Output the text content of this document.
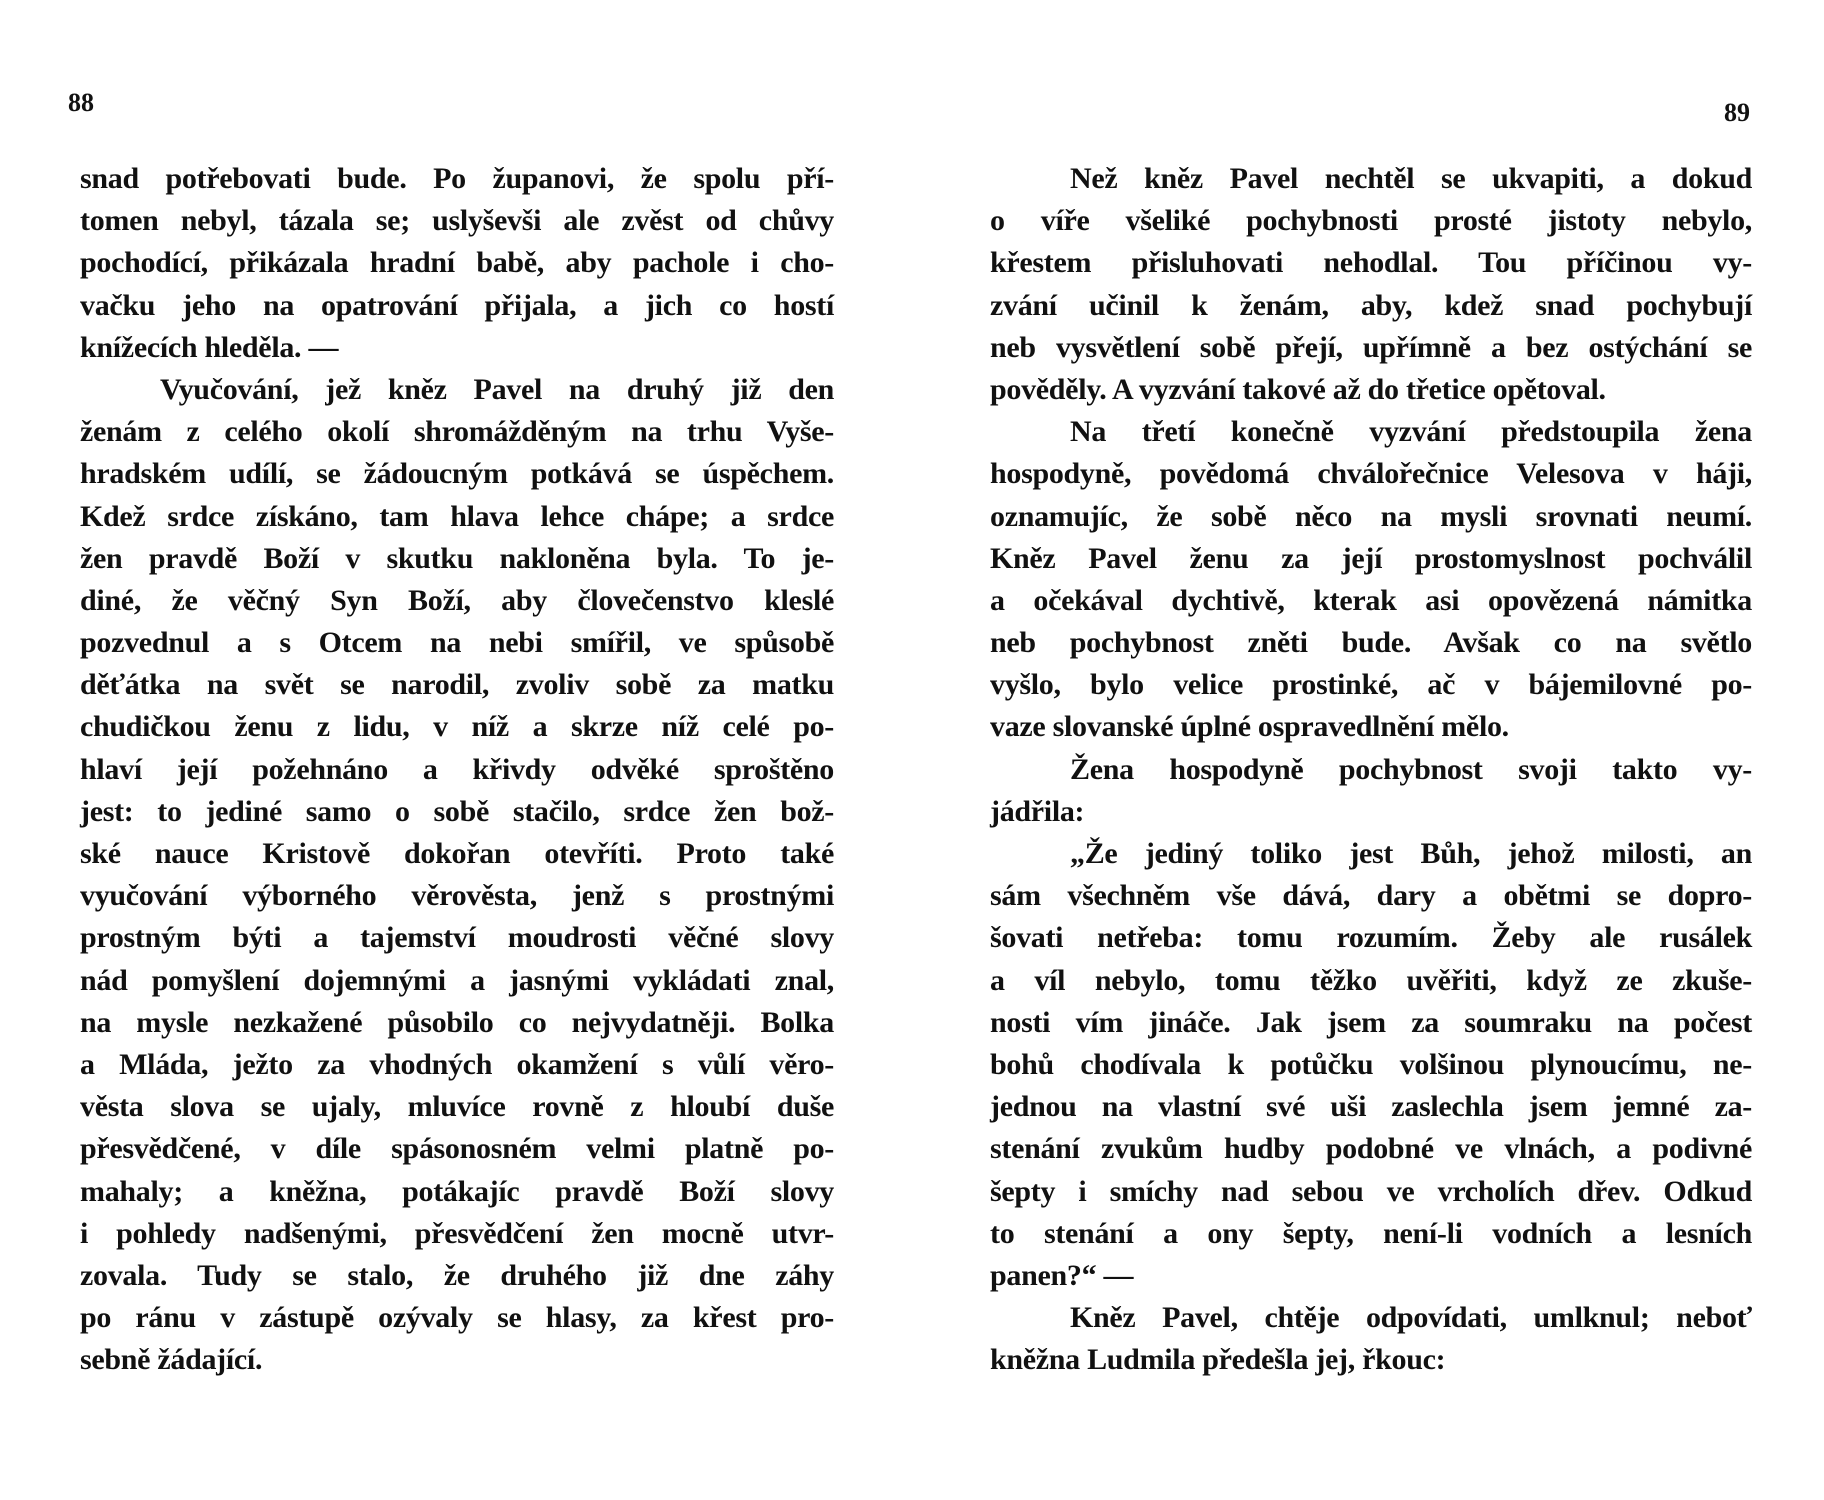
88
snad potřebovati bude. Po županovi, že spolu pří-
tomen nebyl, tázala se; uslyševši ale zvěst od chůvy
pochodící, přikázala hradní babě, aby pachole i cho-
vačku jeho na opatrování přijala, a jich co hostí
knížecích hleděla. —
Vyučování, jež kněz Pavel na druhý již den
ženám z celého okolí shromážděným na trhu Vyše-
hradském udílí, se žádoucným potkává se úspěchem.
Kdež srdce získáno, tam hlava lehce chápe; a srdce
žen pravdě Boží v skutku nakloněna byla. To je-
diné, že věčný Syn Boží, aby človečenstvo kleslé
pozvednul a s Otcem na nebi smířil, ve spůsobě
děťátka na svět se narodil, zvoliv sobě za matku
chudičkou ženu z lidu, v níž a skrze níž celé po-
hlaví její požehnáno a křivdy odvěké sproštěno
jest: to jediné samo o sobě stačilo, srdce žen bož-
ské nauce Kristově dokořan otevříti. Proto také
vyučování výborného věrověsta, jenž s prostnými
prostným býti a tajemství moudrosti věčné slovy
nád pomyšlení dojemnými a jasnými vykládati znal,
na mysle nezkažené působilo co nejvydatněji. Bolka
a Mláda, ježto za vhodných okamžení s vůlí věro-
věsta slova se ujaly, mluvíce rovně z hloubí duše
přesvědčené, v díle spásonosném velmi platně po-
mahaly; a kněžna, potákajíc pravdě Boží slovy
i pohledy nadšenými, přesvědčení žen mocně utvr-
zovala. Tudy se stalo, že druhého již dne záhy
po ránu v zástupě ozývaly se hlasy, za křest pro-
sebně žádající.
89
Než kněz Pavel nechtěl se ukvapiti, a dokud
o víře všeliké pochybnosti prosté jistoty nebylo,
křestem přisluhovati nehodlal. Tou příčinou vy-
zvání učinil k ženám, aby, kdež snad pochybují
neb vysvětlení sobě přejí, upřímně a bez ostýchání se
pověděly. A vyzvání takové až do třetice opětoval.
Na třetí konečně vyzvání předstoupila žena
hospodyně, povědomá chválořečnice Velesova v háji,
oznamujíc, že sobě něco na mysli srovnati neumí.
Kněz Pavel ženu za její prostomyslnost pochválil
a očekával dychtivě, kterak asi opovězená námitka
neb pochybnost zněti bude. Avšak co na světlo
vyšlo, bylo velice prostinké, ač v bájemilovné po-
vaze slovanské úplné ospravedlnění mělo.
Žena hospodyně pochybnost svoji takto vy-
jádřila:
„Že jediný toliko jest Bůh, jehož milosti, an
sám všechněm vše dává, dary a obětmi se dopro-
šovati netřeba: tomu rozumím. Žeby ale rusálek
a víl nebylo, tomu těžko uvěřiti, když ze zkuše-
nosti vím jináče. Jak jsem za soumraku na počest
bohů chodívala k potůčku volšinou plynoucímu, ne-
jednou na vlastní své uši zaslechla jsem jemné za-
stenání zvukům hudby podobné ve vlnách, a podivné
šepty i smíchy nad sebou ve vrcholích dřev. Odkud
to stenání a ony šepty, není-li vodních a lesních
panen?“ —
Kněz Pavel, chtěje odpovídati, umlknul; neboť
kněžna Ludmila předešla jej, řkouc:
